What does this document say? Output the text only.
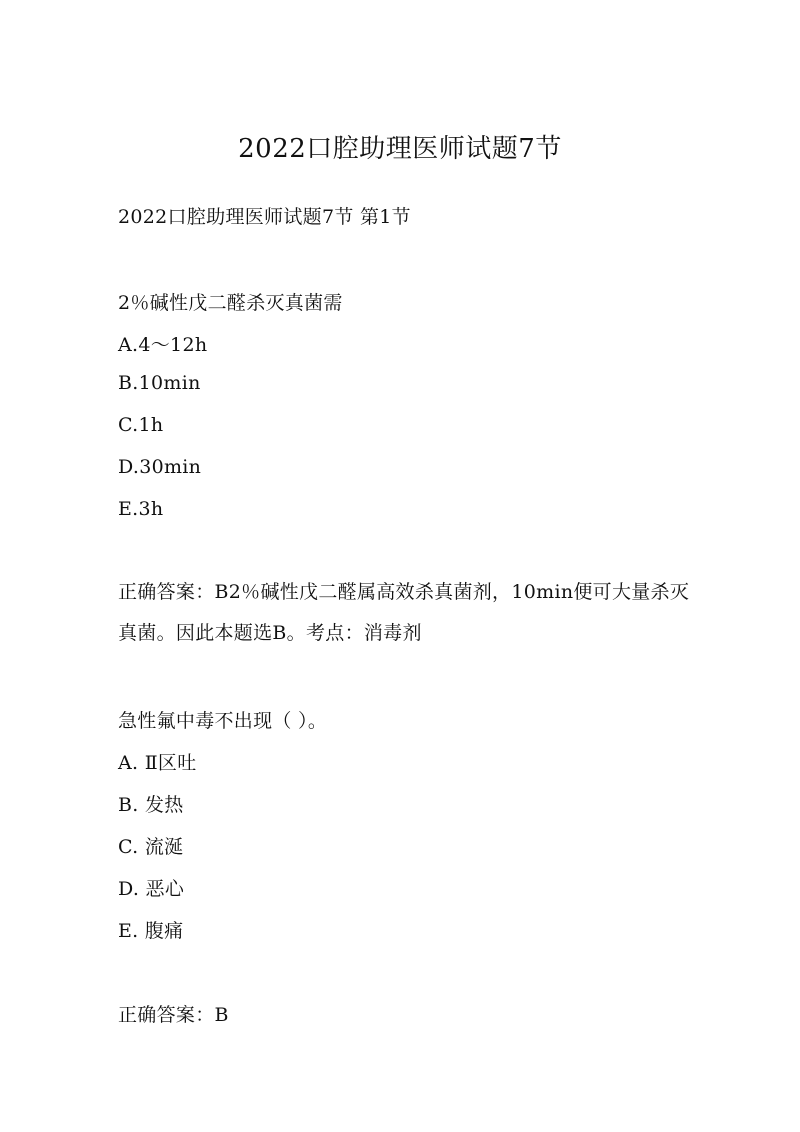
2022口腔助理医师试题7节
2022口腔助理医师试题7节 第1节
2％碱性戊二醛杀灭真菌需
A.4～12h
B.10min
C.1h
D.30min
E.3h
正确答案：B2％碱性戊二醛属高效杀真菌剂，10min便可大量杀灭真菌。因此本题选B。考点：消毒剂
急性氟中毒不出现（ ）。
A. Ⅱ区吐
B. 发热
C. 流涎
D. 恶心
E. 腹痛
正确答案：B
